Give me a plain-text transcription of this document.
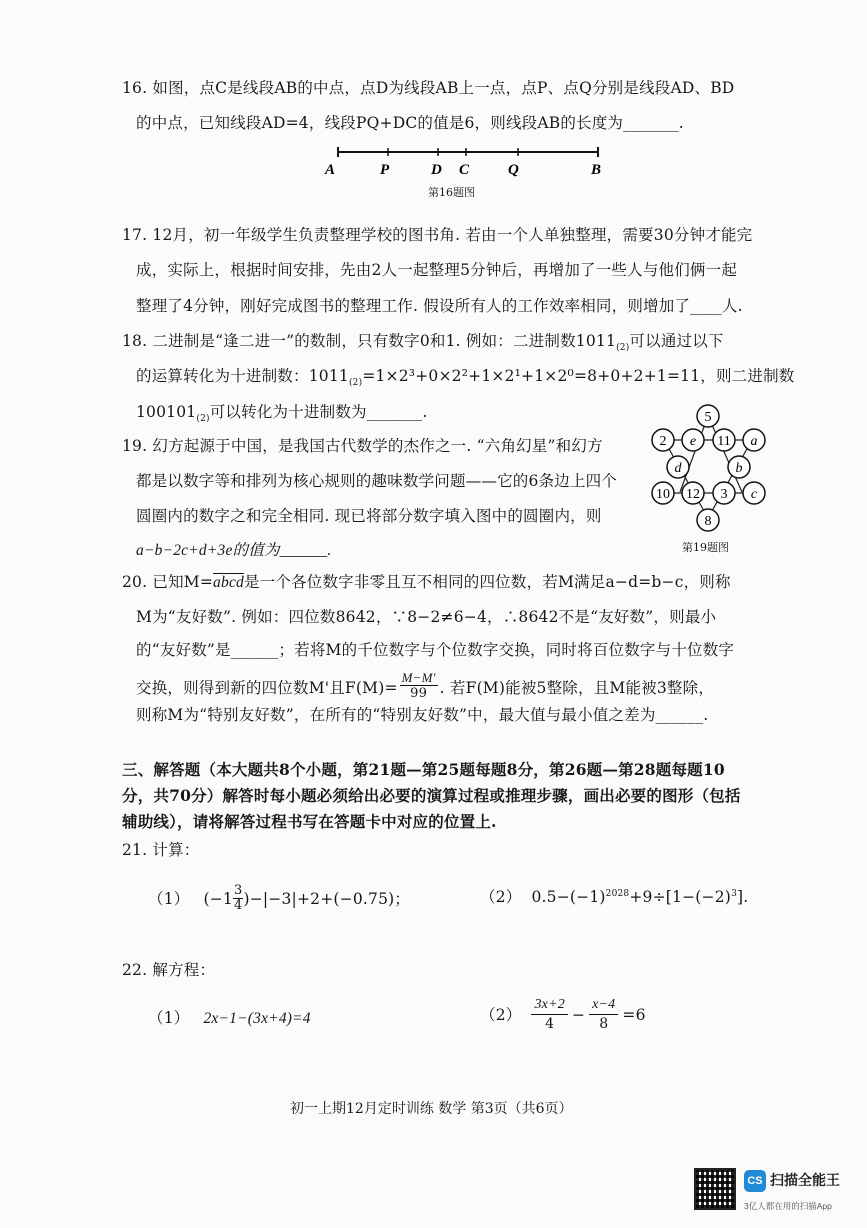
16. 如图，点C是线段AB的中点，点D为线段AB上一点，点P、点Q分别是线段AD、BD
的中点，已知线段AD=4，线段PQ+DC的值是6，则线段AB的长度为_______.
A	P	D C	Q	B
第16题图
17. 12月，初一年级学生负责整理学校的图书角. 若由一个人单独整理，需要30分钟才能完
成，实际上，根据时间安排，先由2人一起整理5分钟后，再增加了一些人与他们俩一起
整理了4分钟，刚好完成图书的整理工作. 假设所有人的工作效率相同，则增加了____人.
18. 二进制是“逢二进一”的数制，只有数字0和1. 例如：二进制数$1011_{(2)}$可以通过以下
的运算转化为十进制数：$1011_{(2)}=1\times 2^3+0\times 2^2+1\times 2^1+1\times 2^0=8+0+2+1=11$，则二进制数
$100101_{(2)}$可以转化为十进制数为_______.
19. 幻方起源于中国，是我国古代数学的杰作之一. “六角幻星”和幻方
都是以数字等和排列为核心规则的趣味数学问题——它的6条边上四个
圆圈内的数字之和完全相同. 现已将部分数字填入图中的圆圈内，则
a−b−2c+d+3e的值为______.
5
2 e 11 a
d	b
10 12 3 c
8
第19题图
20. 已知M=abcd是一个各位数字非零且互不相同的四位数，若M满足a−d=b−c，则称
M为“友好数”. 例如：四位数8642，∵8−2≠6−4，∴8642不是“友好数”，则最小
的“友好数”是______；若将M的千位数字与个位数字交换，同时将百位数字与十位数字
交换，则得到新的四位数M'且$F(M)= \frac{M-M'}{99}$ . 若F(M)能被5整除，且M能被3整除，
则称M为“特别友好数”，在所有的“特别友好数”中，最大值与最小值之差为______.
三、解答题（本大题共8个小题，第21题—第25题每题8分，第26题—第28题每题10
分，共70分）解答时每小题必须给出必要的演算过程或推理步骤，画出必要的图形（包括
辅助线），请将解答过程书写在答题卡中对应的位置上.
21. 计算：
（1） $(-1 \frac{3}{4} )-|-3|+2+(-0.75)$；	（2） $0.5-(-1)^{2028}+9\div[1-(-2)^3]$.
22. 解方程：
（1） 2x−1−(3x+4)=4	$(2) \frac{3x+2}{4} - \frac{x-4}{8} =6$
初一上期12月定时训练 数学 第3页（共6页）
CS 扫描全能王
3亿人都在用的扫描App
